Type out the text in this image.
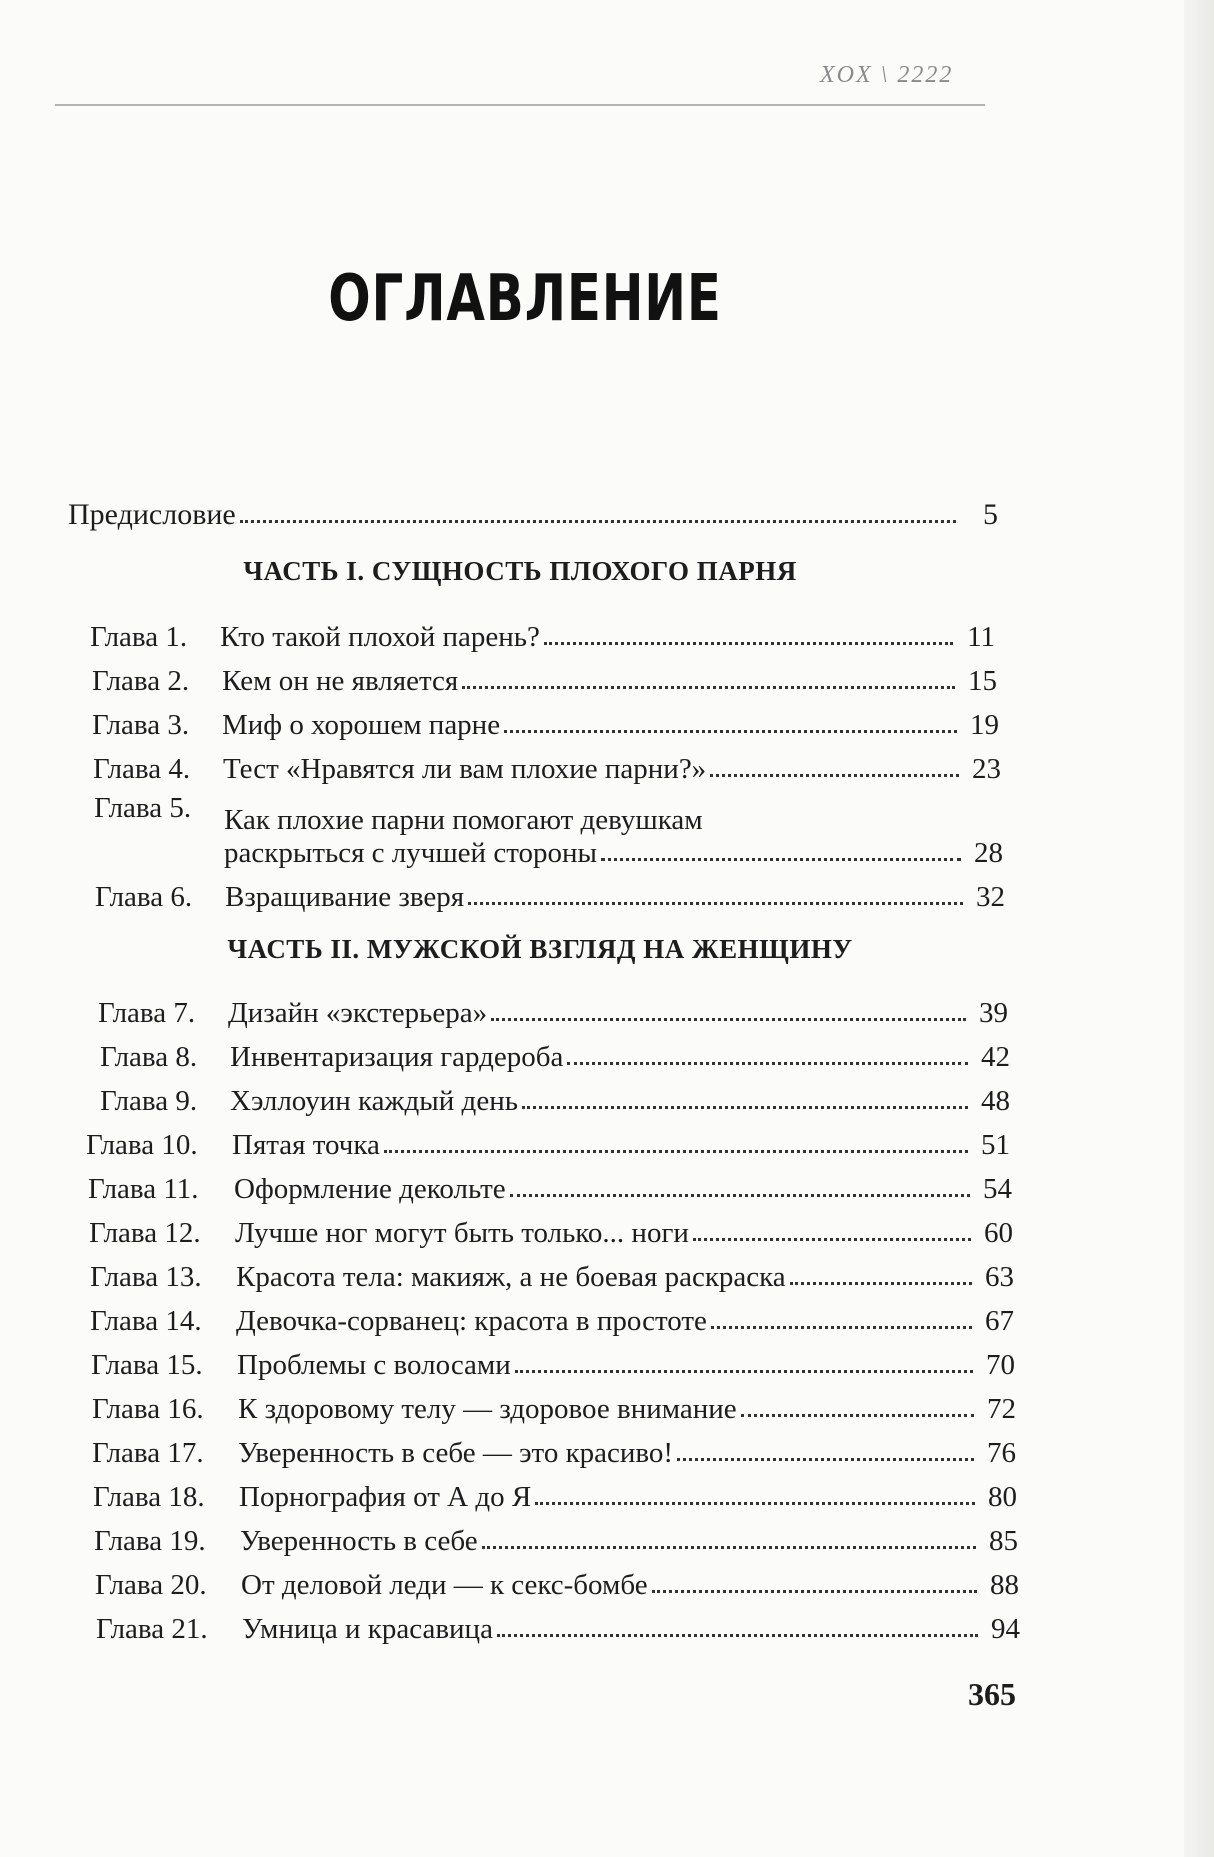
XOX \ 2222
ОГЛАВЛЕНИЕ
Предисловие	5
ЧАСТЬ I. СУЩНОСТЬ ПЛОХОГО ПАРНЯ
Глава 1.	Кто такой плохой парень?	11
Глава 2.	Кем он не является	15
Глава 3.	Миф о хорошем парне	19
Глава 4.	Тест «Нравятся ли вам плохие парни?»	23
Глава 5.	Как плохие парни помогают девушкам
раскрыться с лучшей стороны	28
Глава 6.	Взращивание зверя	32
ЧАСТЬ II. МУЖСКОЙ ВЗГЛЯД НА ЖЕНЩИНУ
Глава 7.	Дизайн «экстерьера»	39
Глава 8.	Инвентаризация гардероба	42
Глава 9.	Хэллоуин каждый день	48
Глава 10.	Пятая точка	51
Глава 11.	Оформление декольте	54
Глава 12.	Лучше ног могут быть только... ноги	60
Глава 13.	Красота тела: макияж, а не боевая раскраска	63
Глава 14.	Девочка-сорванец: красота в простоте	67
Глава 15.	Проблемы с волосами	70
Глава 16.	К здоровому телу — здоровое внимание	72
Глава 17.	Уверенность в себе — это красиво!	76
Глава 18.	Порнография от А до Я	80
Глава 19.	Уверенность в себе	85
Глава 20.	От деловой леди — к секс-бомбе	88
Глава 21.	Умница и красавица	94
365
